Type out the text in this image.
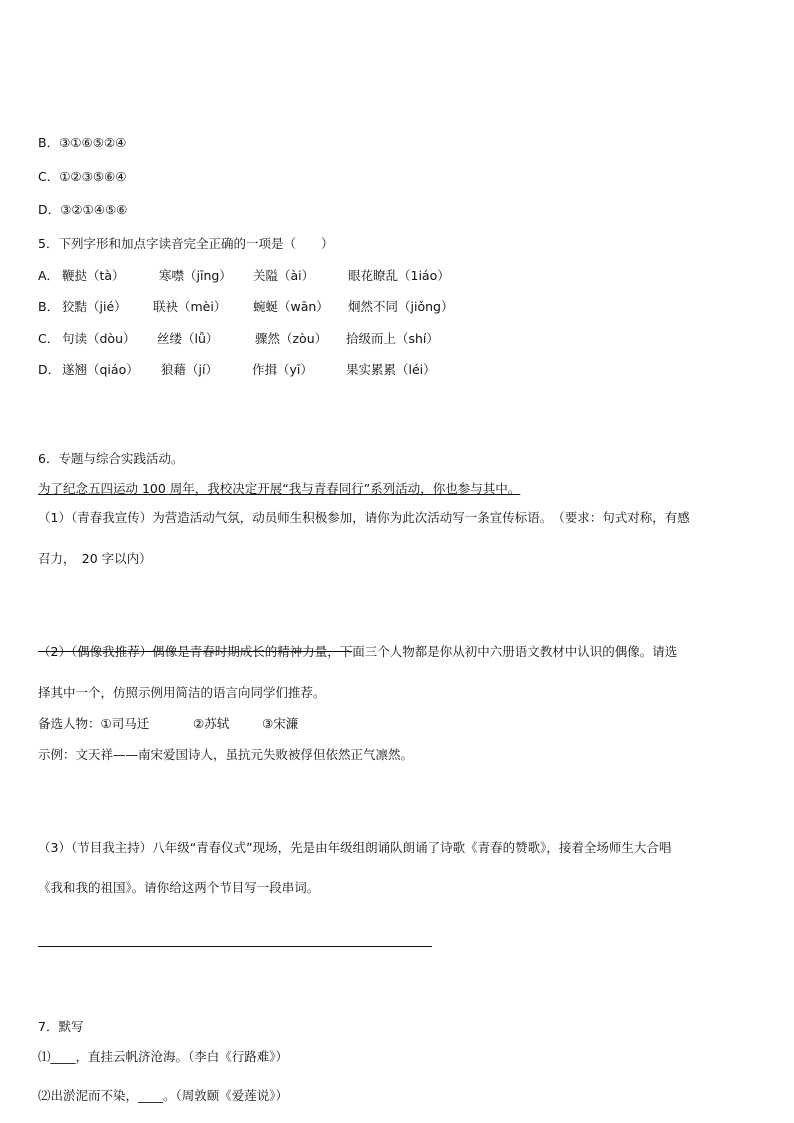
B．③①⑥⑤②④
C．①②③⑤⑥④
D．③②①④⑤⑥
5．下列字形和加点字读音完全正确的一项是（　　）
A． 鞭挞（tà）	寒噤（jīng） 关隘（ài）	眼花瞭乱（1iáo）
B． 狡黠（jié） 联袂（mèi） 蜿蜒（wān） 炯然不同（jiǒng）
C． 句读（dòu） 丝缕（lǚ）	骤然（zòu） 拾级而上（shí）
D． 遂翘（qiáo） 狼藉（jí）	作揖（yī）	果实累累（léi）
6．专题与综合实践活动。
为了纪念五四运动 100 周年，我校决定开展“我与青春同行”系列活动，你也参与其中。
（1）（青春我宣传）为营造活动气氛，动员师生积极参加，请你为此次活动写一条宣传标语。　（要求：句式对称，有感
召力，　20 字以内）
（2）（偶像我推荐）偶像是青春时期成长的精神力量，下面三个人物都是你从初中六册语文教材中认识的偶像。请选
择其中一个，仿照示例用简洁的语言向同学们推荐。
备选人物：①司马迁	②苏轼	③宋濂
示例：文天祥——南宋爱国诗人，虽抗元失败被俘但依然正气凛然。
（3）（节目我主持）八年级“青春仪式”现场，先是由年级组朗诵队朗诵了诗歌《青春的赞歌》，接着全场师生大合唱
《我和我的祖国》。请你给这两个节目写一段串词。
7．默写
⑴____，直挂云帆济沧海。（李白《行路难》）
⑵出淤泥而不染，____。（周敦颐《爱莲说》）
